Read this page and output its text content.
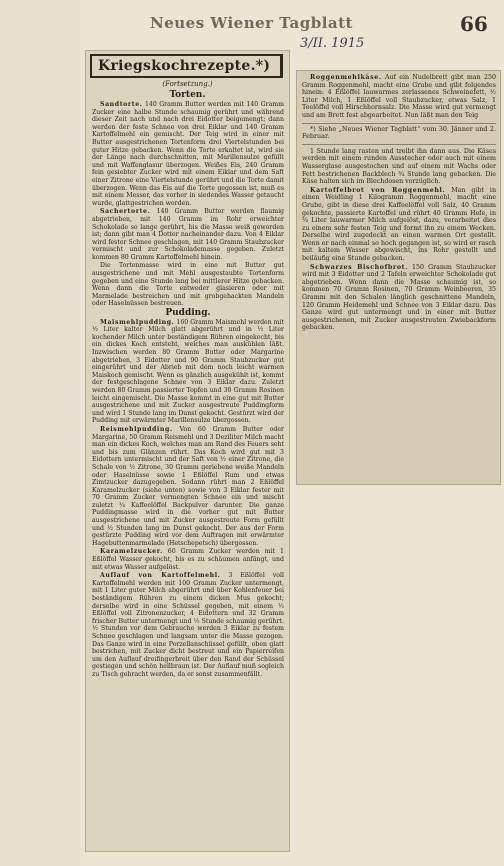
Neues Wiener Tagblatt	66
3/II. 1915
Kriegskochrezepte.*)
(Fortsetzung.)
Torten.

Sandtorte. 140 Gramm Butter werden mit 140 Gramm Zucker eine halbe Stunde schaumig gerührt und während dieser Zeit nach und nach drei Eidotter beigemengt; dann werden der feste Schnee von drei Eiklar und 140 Gramm Kartoffelmehl ein gemischt. Der Teig wird in einer mit Butter ausgestrichenen Tortenform drei Viertelstunden bei guter Hitze gebacken. Wenn die Torte erkaltet ist, wird sie der Länge nach durchschnitten, mit Marillensulze gefüllt und mit Waffenglasur überzogen. Weißes Eis, 240 Gramm fein gesiebter Zucker wird mit einem Eiklar und dem Saft einer Zitrone eine Viertelstunde gerührt und die Torte damit überzogen. Wenn das Eis auf die Torte gegossen ist, muß es mit einem Messer, das vorher in siedendes Wasser getaucht wurde, glattgestrichen werden.

Sachertorte. 140 Gramm Butter werden flaumig abgetrieben, mit 140 Gramm im Rohr erweichter Schokolade so lange gerührt, bis die Masse weiß geworden ist; dann gibt man 4 Dotter nacheinander dazu. Von 4 Eiklar wird fester Schnee geschlagen, mit 140 Gramm Staubzucker vermischt und zur Schokolademasse gegeben. Zuletzt kommen 80 Gramm Kartoffelmehl hinein.

Die Tortenmasse wird in eine mit Butter gut ausgestrichene und mit Mehl ausgestaubte Tortenform gegeben und eine Stunde lang bei mittlerer Hitze gebacken. Wenn dann die Torte entweder glasieren oder mit Marmelade bestreichen und mit grobgehackten Mandeln oder Haselnüssen bestreuen.

Pudding.

Maismehlpudding. 160 Gramm Maismehl werden mit ½ Liter kalter Milch glatt abgerührt und in ½ Liter kochender Milch unter beständigem Rühren eingekocht, bis ein dickes Koch entsteht, welches man auskühlen läßt. Inzwischen werden 80 Gramm Butter oder Margarine abgetrieben, 3 Eidotter und 90 Gramm Staubzucker gut eingerührt und der Abrieb mit dem noch leicht warmen Maiskoch gemischt. Wenn es gänzlich ausgekühlt ist, kommt der festgeschlagene Schnee von 3 Eiklar dazu. Zuletzt werden 80 Gramm passierter Topfen und 30 Gramm Rosinen leicht eingemischt. Die Masse kommt in eine gut mit Butter ausgestrichene und mit Zucker ausgestreute Puddingform und wird 1 Stunde lang im Dunst gekocht. Gestürzt wird der Pudding mit erwärmter Marillensulze übergossen.

Reismehlpudding. Von 60 Gramm Butter oder Margarine, 50 Gramm Reismehl und 3 Deziliter Milch macht man ein dickes Koch, welches man am Rand des Feuers seht und bis zum Glänzen rührt. Das Koch wird gut mit 3 Eidottern untermischt und der Saft von ½ einer Zitrone, die Schale von ½ Zitrone, 30 Gramm geriebene weiße Mandeln oder Haselnüsse sowie 1 Eßlöffel Rum und etwas Zimtzucker dazugegeben. Sodann rührt man 2 Eßlöffel Karamelzucker (siehe unten) sowie von 3 Eiklar fester mit 70 Gramm Zucker vermengten Schnee ein und mischt zuletzt ¼ Kaffeelöffel Backpulver darunter. Die ganze Puddingmasse wird in die vorher gut mit Butter ausgestrichene und mit Zucker ausgestreute Form gefüllt und ½ Stunden lang im Dunst gekocht. Der aus der Form gestürzte Pudding wird vor dem Auftragen mit erwärmter Hagebuttenmarmelade (Hetschepetsch) übergossen.

Karamelzucker. 60 Gramm Zucker werden mit 1 Eßlöffel Wasser gekocht, bis es zu schäumen anfängt, und mit etwas Wasser aufgelöst.

Auflauf von Kartoffelmehl. 3 Eßlöffel voll Kartoffelmehl werden mit 100 Gramm Zucker untermengt, mit 1 Liter guter Milch abgerührt und über Kohlenfeuer bei beständigem Rühren zu einem dicken Mus gekocht; derselbe wird in eine Schüssel gegeben, mit einem ½ Eßlöffel voll Zitronenzucker, 4 Eidottern und 32 Gramm frischer Butter untermengt und ½ Stunde schaumig gerührt. ½ Stunden vor dem Gebrauche werden 3 Eiklar zu festem Schnee geschlagen und langsam unter die Masse gezogen. Das Ganze wird in eine Porzellanschüssel gefüllt, oben glatt bestrichen, mit Zucker dicht bestreut und ein Papierreifen um den Auflauf dreifingerbreit über den Rand der Schüssel gestiegen und schön hellbraun ist. Der Auflauf muß sogleich zu Tisch gebracht werden, da er sonst zusammenfällt.

Roggenmehlkäse. Auf ein Nudelbrett gibt man 250 Gramm Roggenmehl, macht eine Grube und gibt folgendes hinein: 4 Eßlöffel lauwarmes zerlassenes Schweinefett, ½ Liter Milch, 1 Eßlöffel voll Staubzucker, etwas Salz, 1 Teelöffel voll Hirschhornsalz. Die Masse wird gut vermengt und am Brett fest abgearbeitet. Nun läßt man den Teig

*) Siehe „Neues Wiener Tagblatt“ vom 30. Jänner und 2. Februar.

1 Stunde lang rasten und treibt ihn dann aus. Die Käses werden mit einem runden Ausstecher oder auch mit einem Wasserglase ausgestochen und auf einem mit Wachs oder Fett bestrichenen Backblech ¾ Stunde lang gebacken. Die Käse halten sich im Blechdosen vorzüglich.

Kartoffelbrot von Roggenmehl. Man gibt in einen Weidling 1 Kilogramm Roggenmehl, macht eine Grube, gibt in diese drei Kaffeelöffel voll Salz, 40 Gramm gekochte, passierte Kartoffel und rührt 40 Gramm Hefe, in ¾ Liter lauwarmer Milch aufgelöst, dazu, verarbeitet dies zu einem sehr festen Teig und formt ihn zu einem Wecken. Derselbe wird zugedeckt an einen warmen Ort gestellt. Wenn er nach einmal so hoch gegangen ist, so wird er rasch mit kaltem Wasser abgewischt, ins Rohr gestellt und beiläufig eine Stunde gebacken.

Schwarzes Bischofbrot. 150 Gramm Staubzucker wird mit 3 Eidotter und 2 Tafeln erweichter Schokolade gut abgetrieben. Wenn dann die Masse schaumig ist, so kommen 70 Gramm Rosinen, 70 Gramm Weinbeeren, 35 Gramm mit den Schalen länglich geschnittene Mandeln, 120 Gramm Heidemehl und Schnee von 3 Eiklar dazu. Das Ganze wird gut untermengt und in einer mit Butter ausgestrichenen, mit Zucker ausgestreuten Zwiebackform gebacken.
